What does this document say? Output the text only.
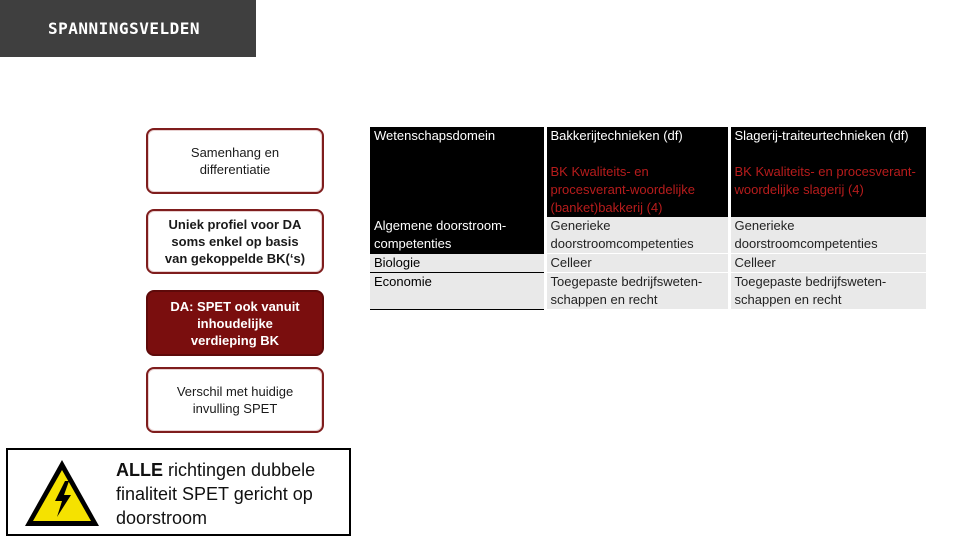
SPANNINGSVELDEN
Samenhang en
differentiatie
Uniek profiel voor DA
soms enkel op basis
van gekoppelde BK(‘s)
DA: SPET ook vanuit
inhoudelijke
verdieping BK
Verschil met huidige
invulling SPET
ALLE richtingen dubbele finaliteit SPET gericht op doorstroom
Wetenschapsdomein	Bakkerijtechnieken (df)	Slagerij-traiteurtechnieken (df)
	BK Kwaliteits- en procesverant-woordelijke (banket)bakkerij (4)	BK Kwaliteits- en procesverant-woordelijke slagerij (4)
Algemene doorstroom-competenties	Generieke doorstroomcompetenties	Generieke doorstroomcompetenties
Biologie	Celleer	Celleer
Economie	Toegepaste bedrijfsweten-schappen en recht	Toegepaste bedrijfsweten-schappen en recht
